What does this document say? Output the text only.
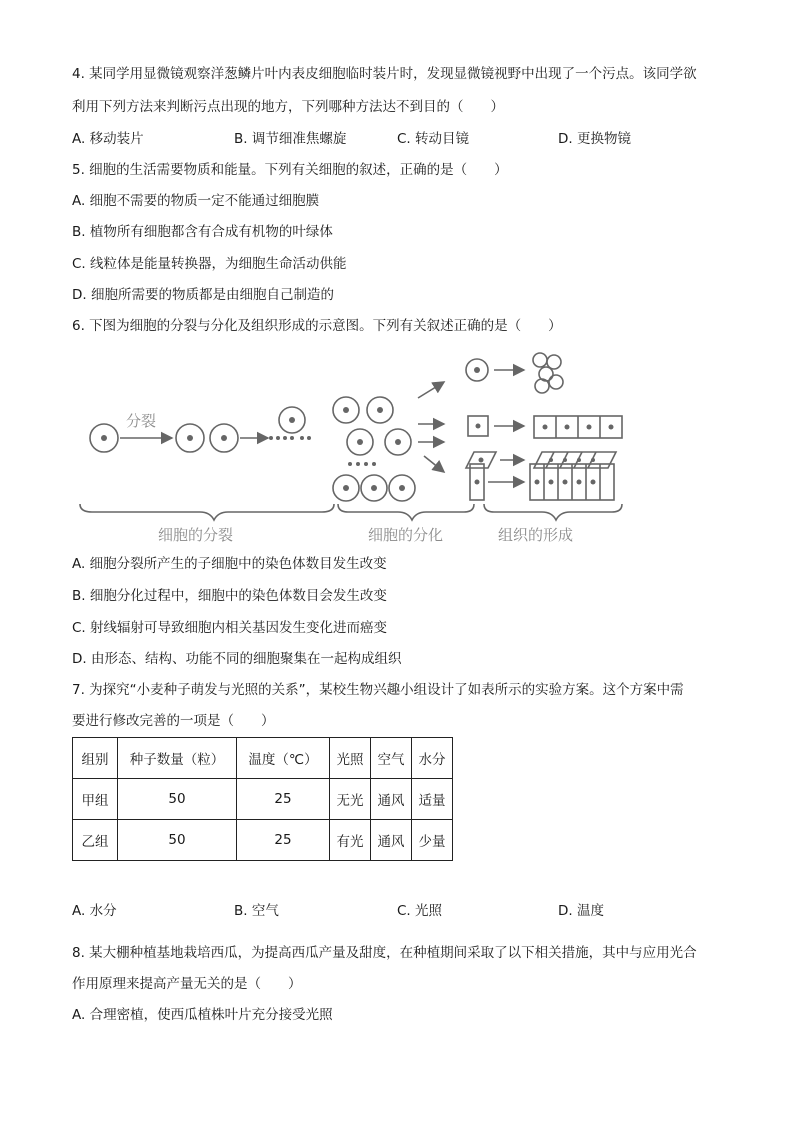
4. 某同学用显微镜观察洋葱鳞片叶内表皮细胞临时装片时，发现显微镜视野中出现了一个污点。该同学欲
利用下列方法来判断污点出现的地方，下列哪种方法达不到目的（　　）
A. 移动装片	B. 调节细准焦螺旋	C. 转动目镜	D. 更换物镜
5. 细胞的生活需要物质和能量。下列有关细胞的叙述，正确的是（　　）
A. 细胞不需要的物质一定不能通过细胞膜
B. 植物所有细胞都含有合成有机物的叶绿体
C. 线粒体是能量转换器，为细胞生命活动供能
D. 细胞所需要的物质都是由细胞自己制造的
6. 下图为细胞的分裂与分化及组织形成的示意图。下列有关叙述正确的是（　　）
分裂
细胞的分裂	细胞的分化	组织的形成
A. 细胞分裂所产生的子细胞中的染色体数目发生改变
B. 细胞分化过程中，细胞中的染色体数目会发生改变
C. 射线辐射可导致细胞内相关基因发生变化进而癌变
D. 由形态、结构、功能不同的细胞聚集在一起构成组织
7. 为探究“小麦种子萌发与光照的关系”，某校生物兴趣小组设计了如表所示的实验方案。这个方案中需
要进行修改完善的一项是（　　）
组别	种子数量（粒）	温度（℃）	光照	空气	水分
甲组	50	25	无光	通风	适量
乙组	50	25	有光	通风	少量
A. 水分	B. 空气	C. 光照	D. 温度
8. 某大棚种植基地栽培西瓜，为提高西瓜产量及甜度，在种植期间采取了以下相关措施，其中与应用光合
作用原理来提高产量无关的是（　　）
A. 合理密植，使西瓜植株叶片充分接受光照
